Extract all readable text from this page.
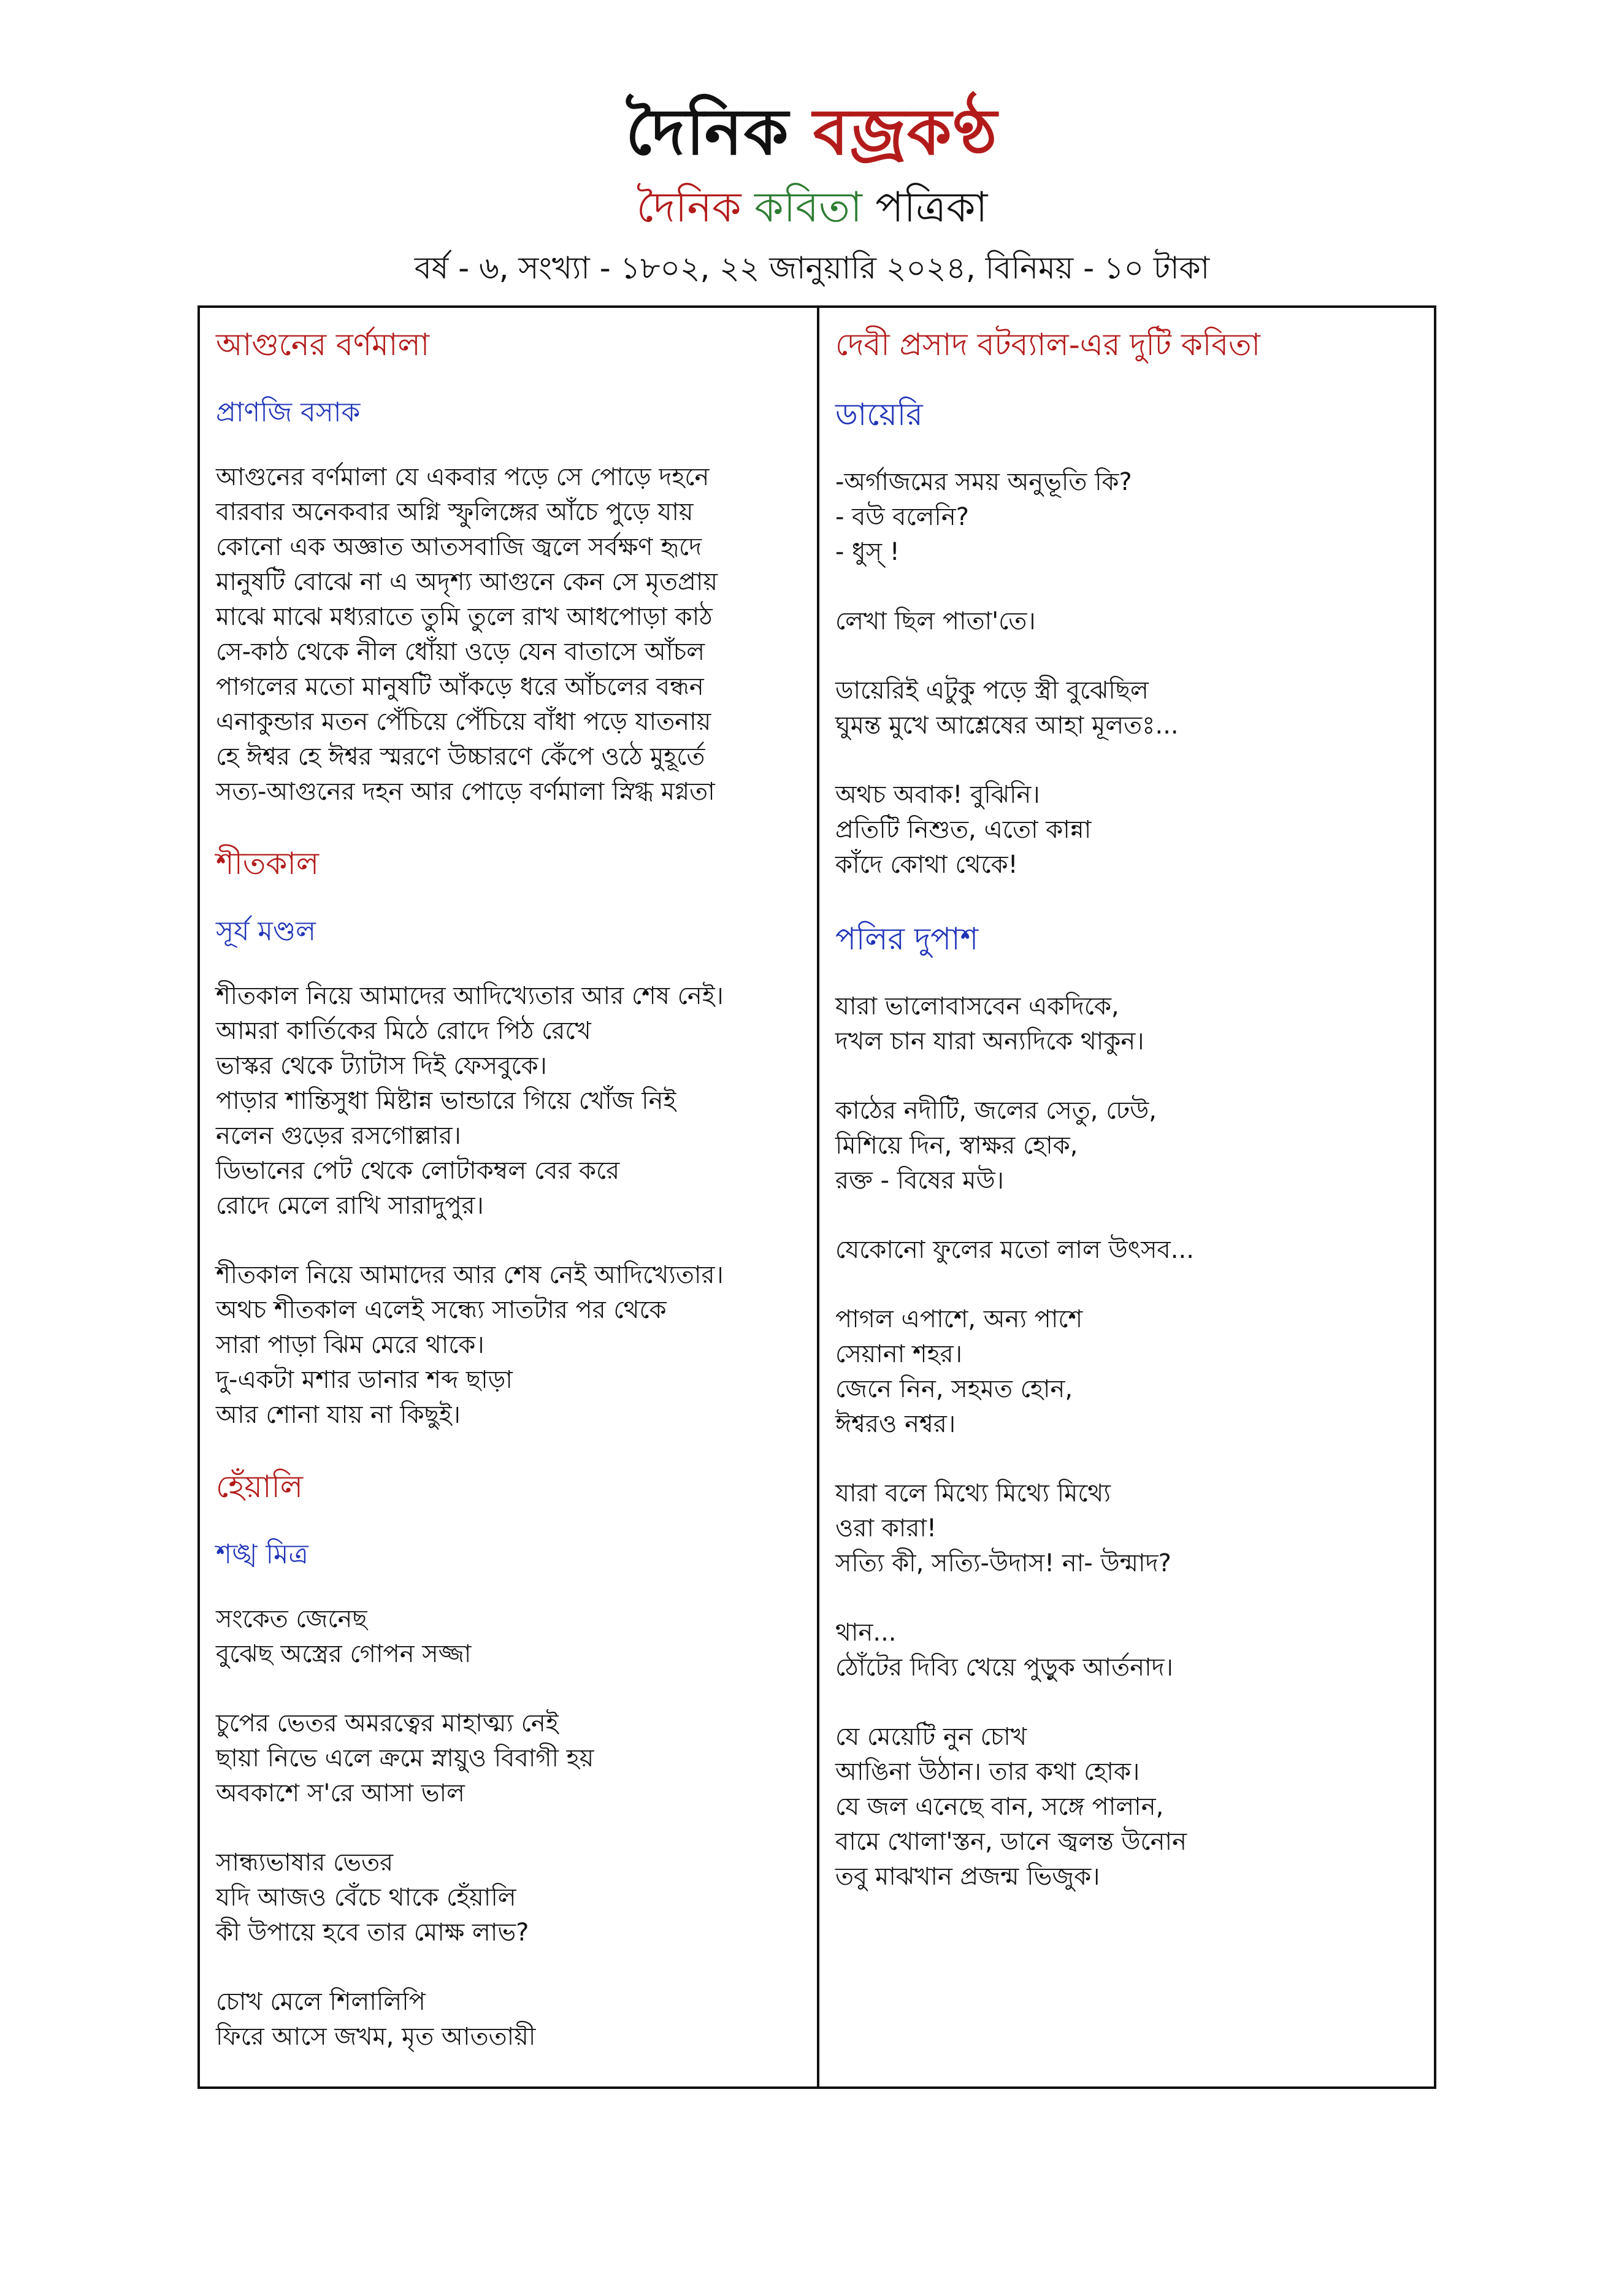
দৈনিক বজ্রকণ্ঠ
দৈনিক কবিতা পত্রিকা
বর্ষ - ৬, সংখ্যা - ১৮০২, ২২ জানুয়ারি ২০২৪, বিনিময় - ১০ টাকা
আগুনের বর্ণমালা
প্রাণজি বসাক
আগুনের বর্ণমালা যে একবার পড়ে সে পোড়ে দহনে
বারবার অনেকবার অগ্নি স্ফুলিঙ্গের আঁচে পুড়ে যায়
কোনো এক অজ্ঞাত আতসবাজি জ্বলে সর্বক্ষণ হৃদে
মানুষটি বোঝে না এ অদৃশ্য আগুনে কেন সে মৃতপ্রায়
মাঝে মাঝে মধ্যরাতে তুমি তুলে রাখ আধপোড়া কাঠ
সে-কাঠ থেকে নীল ধোঁয়া ওড়ে যেন বাতাসে আঁচল
পাগলের মতো মানুষটি আঁকড়ে ধরে আঁচলের বন্ধন
এনাকুন্ডার মতন পেঁচিয়ে পেঁচিয়ে বাঁধা পড়ে যাতনায়
হে ঈশ্বর হে ঈশ্বর স্মরণে উচ্চারণে কেঁপে ওঠে মুহূর্তে
সত্য-আগুনের দহন আর পোড়ে বর্ণমালা স্নিগ্ধ মগ্নতা
শীতকাল
সূর্য মণ্ডল
শীতকাল নিয়ে আমাদের আদিখ্যেতার আর শেষ নেই।
আমরা কার্তিকের মিঠে রোদে পিঠ রেখে
ভাস্কর থেকে ট্যাটাস দিই ফেসবুকে।
পাড়ার শান্তিসুধা মিষ্টান্ন ভান্ডারে গিয়ে খোঁজ নিই
নলেন গুড়ের রসগোল্লার।
ডিভানের পেট থেকে লোটাকম্বল বের করে
রোদে মেলে রাখি সারাদুপুর।
শীতকাল নিয়ে আমাদের আর শেষ নেই আদিখ্যেতার।
অথচ শীতকাল এলেই সন্ধ্যে সাতটার পর থেকে
সারা পাড়া ঝিম মেরে থাকে।
দু-একটা মশার ডানার শব্দ ছাড়া
আর শোনা যায় না কিছুই।
হেঁয়ালি
শঙ্খ মিত্র
সংকেত জেনেছ
বুঝেছ অস্ত্রের গোপন সজ্জা
চুপের ভেতর অমরত্বের মাহাত্ম্য নেই
ছায়া নিভে এলে ক্রমে স্নায়ুও বিবাগী হয়
অবকাশে স'রে আসা ভাল
সান্ধ্যভাষার ভেতর
যদি আজও বেঁচে থাকে হেঁয়ালি
কী উপায়ে হবে তার মোক্ষ লাভ?
চোখ মেলে শিলালিপি
ফিরে আসে জখম, মৃত আততায়ী
দেবী প্রসাদ বটব্যাল-এর দুটি কবিতা
ডায়েরি
-অর্গাজমের সময় অনুভূতি কি?
- বউ বলেনি?
- ধুস্ !
লেখা ছিল পাতা'তে।
ডায়েরিই এটুকু পড়ে স্ত্রী বুঝেছিল
ঘুমন্ত মুখে আশ্লেষের আহা মূলতঃ...
অথচ অবাক! বুঝিনি।
প্রতিটি নিশুত, এতো কান্না
কাঁদে কোথা থেকে!
পলির দুপাশ
যারা ভালোবাসবেন একদিকে,
দখল চান যারা অন্যদিকে থাকুন।
কাঠের নদীটি, জলের সেতু, ঢেউ,
মিশিয়ে দিন, স্বাক্ষর হোক,
রক্ত - বিষের মউ।
যেকোনো ফুলের মতো লাল উৎসব...
পাগল এপাশে, অন্য পাশে
সেয়ানা শহর।
জেনে নিন, সহমত হোন,
ঈশ্বরও নশ্বর।
যারা বলে মিথ্যে মিথ্যে মিথ্যে
ওরা কারা!
সত্যি কী, সত্যি-উদাস! না- উন্মাদ?
থান...
ঠোঁটের দিব্যি খেয়ে পুড়ুক আর্তনাদ।
যে মেয়েটি নুন চোখ
আঙিনা উঠান। তার কথা হোক।
যে জল এনেছে বান, সঙ্গে পালান,
বামে খোলা'স্তন, ডানে জ্বলন্ত উনোন
তবু মাঝখান প্রজন্ম ভিজুক।
